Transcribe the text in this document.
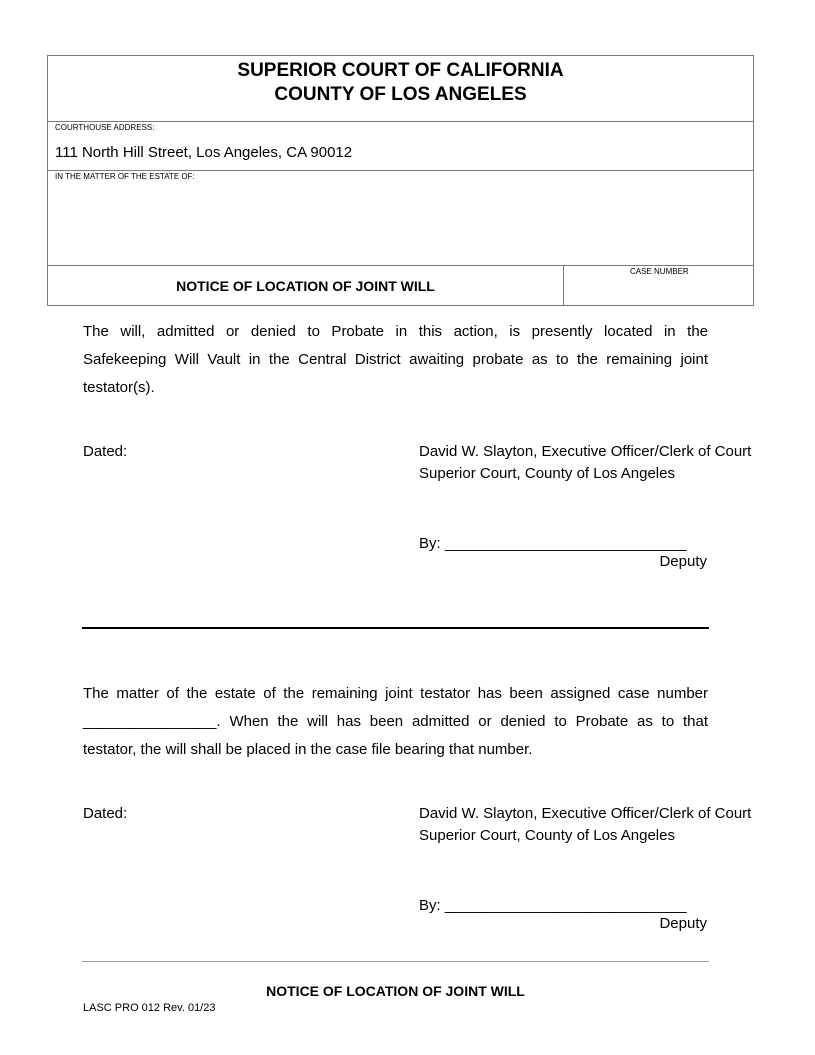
SUPERIOR COURT OF CALIFORNIA
COUNTY OF LOS ANGELES
COURTHOUSE ADDRESS:
111 North Hill Street, Los Angeles, CA 90012
IN THE MATTER OF THE ESTATE OF:
NOTICE OF LOCATION OF JOINT WILL
CASE NUMBER
The will, admitted or denied to Probate in this action, is presently located in the
Safekeeping Will Vault in the Central District awaiting probate as to the remaining joint
testator(s).
Dated:	David W. Slayton, Executive Officer/Clerk of Court
Superior Court, County of Los Angeles
By: _____________________________
Deputy
The matter of the estate of the remaining joint testator has been assigned case number
________________. When the will has been admitted or denied to Probate as to that
testator, the will shall be placed in the case file bearing that number.
Dated:	David W. Slayton, Executive Officer/Clerk of Court
Superior Court, County of Los Angeles
By: _____________________________
Deputy
NOTICE OF LOCATION OF JOINT WILL
LASC PRO 012 Rev. 01/23
